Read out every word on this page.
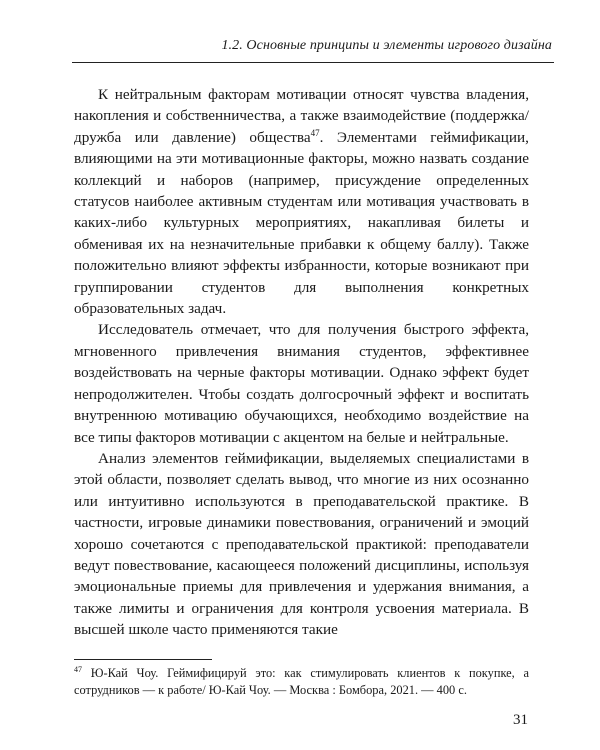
1.2. Основные принципы и элементы игрового дизайна

К нейтральным факторам мотивации относят чувства владения, накопления и собственничества, а также взаимодействие (поддержка/дружба или давление) общества$^{47}$. Элементами геймификации, влияющими на эти мотивационные факторы, можно назвать создание коллекций и наборов (например, присуждение определенных статусов наиболее активным студентам или мотивация участвовать в каких-либо культурных мероприятиях, накапливая билеты и обменивая их на незначительные прибавки к общему баллу). Также положительно влияют эффекты избранности, которые возникают при группировании студентов для выполнения конкретных образовательных задач.

Исследователь отмечает, что для получения быстрого эффекта, мгновенного привлечения внимания студентов, эффективнее воздействовать на черные факторы мотивации. Однако эффект будет непродолжителен. Чтобы создать долгосрочный эффект и воспитать внутреннюю мотивацию обучающихся, необходимо воздействие на все типы факторов мотивации с акцентом на белые и нейтральные.

Анализ элементов геймификации, выделяемых специалистами в этой области, позволяет сделать вывод, что многие из них осознанно или интуитивно используются в преподавательской практике. В частности, игровые динамики повествования, ограничений и эмоций хорошо сочетаются с преподавательской практикой: преподаватели ведут повествование, касающееся положений дисциплины, используя эмоциональные приемы для привлечения и удержания внимания, а также лимиты и ограничения для контроля усвоения материала. В высшей школе часто применяются такие

$^{47}$ Ю-Кай Чоу. Геймифицируй это: как стимулировать клиентов к покупке, а сотрудников — к работе/ Ю-Кай Чоу. — Москва : Бомбора, 2021. — 400 с.
31
